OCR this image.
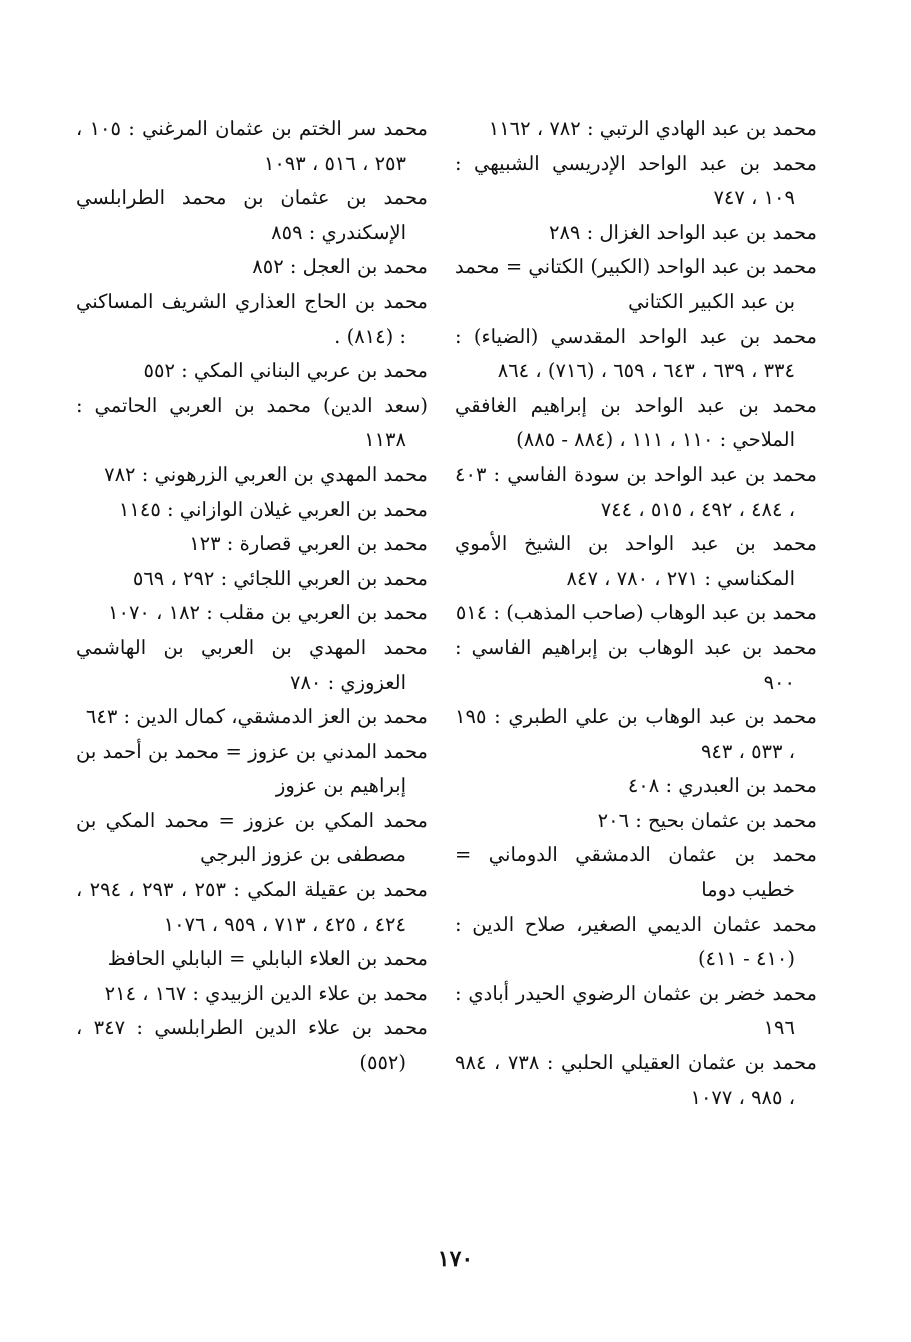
محمد بن عبد الهادي الرتبي : ٧٨٢ ، ١١٦٢

محمد بن عبد الواحد الإدريسي الشبيهي : ١٠٩ ، ٧٤٧

محمد بن عبد الواحد الغزال : ٢٨٩

محمد بن عبد الواحد (الكبير) الكتاني = محمد بن عبد الكبير الكتاني

محمد بن عبد الواحد المقدسي (الضياء) : ٣٣٤ ، ٦٣٩ ، ٦٤٣ ، ٦٥٩ ، (٧١٦) ، ٨٦٤

محمد بن عبد الواحد بن إبراهيم الغافقي الملاحي : ١١٠ ، ١١١ ، (٨٨٤ - ٨٨٥)

محمد بن عبد الواحد بن سودة الفاسي : ٤٠٣ ، ٤٨٤ ، ٤٩٢ ، ٥١٥ ، ٧٤٤

محمد بن عبد الواحد بن الشيخ الأموي المكناسي : ٢٧١ ، ٧٨٠ ، ٨٤٧

محمد بن عبد الوهاب (صاحب المذهب) : ٥١٤

محمد بن عبد الوهاب بن إبراهيم الفاسي : ٩٠٠

محمد بن عبد الوهاب بن علي الطبري : ١٩٥ ، ٥٣٣ ، ٩٤٣

محمد بن العبدري : ٤٠٨

محمد بن عثمان بحيح : ٢٠٦

محمد بن عثمان الدمشقي الدوماني = خطيب دوما

محمد عثمان الديمي الصغير، صلاح الدين : (٤١٠ - ٤١١)

محمد خضر بن عثمان الرضوي الحيدر أبادي : ١٩٦

محمد بن عثمان العقيلي الحلبي : ٧٣٨ ، ٩٨٤ ، ٩٨٥ ، ١٠٧٧

محمد سر الختم بن عثمان المرغني : ١٠٥ ، ٢٥٣ ، ٥١٦ ، ١٠٩٣

محمد بن عثمان بن محمد الطرابلسي الإسكندري : ٨٥٩

محمد بن العجل : ٨٥٢

محمد بن الحاج العذاري الشريف المساكني : (٨١٤) .

محمد بن عربي البناني المكي : ٥٥٢

(سعد الدين) محمد بن العربي الحاتمي : ١١٣٨

محمد المهدي بن العربي الزرهوني : ٧٨٢

محمد بن العربي غيلان الوازاني : ١١٤٥

محمد بن العربي قصارة : ١٢٣

محمد بن العربي اللجائي : ٢٩٢ ، ٥٦٩

محمد بن العربي بن مقلب : ١٨٢ ، ١٠٧٠

محمد المهدي بن العربي بن الهاشمي العزوزي : ٧٨٠

محمد بن العز الدمشقي، كمال الدين : ٦٤٣

محمد المدني بن عزوز = محمد بن أحمد بن إبراهيم بن عزوز

محمد المكي بن عزوز = محمد المكي بن مصطفى بن عزوز البرجي

محمد بن عقيلة المكي : ٢٥٣ ، ٢٩٣ ، ٢٩٤ ، ٤٢٤ ، ٤٢٥ ، ٧١٣ ، ٩٥٩ ، ١٠٧٦

محمد بن العلاء البابلي = البابلي الحافظ

محمد بن علاء الدين الزبيدي : ١٦٧ ، ٢١٤

محمد بن علاء الدين الطرابلسي : ٣٤٧ ، (٥٥٢)

١٧٠
